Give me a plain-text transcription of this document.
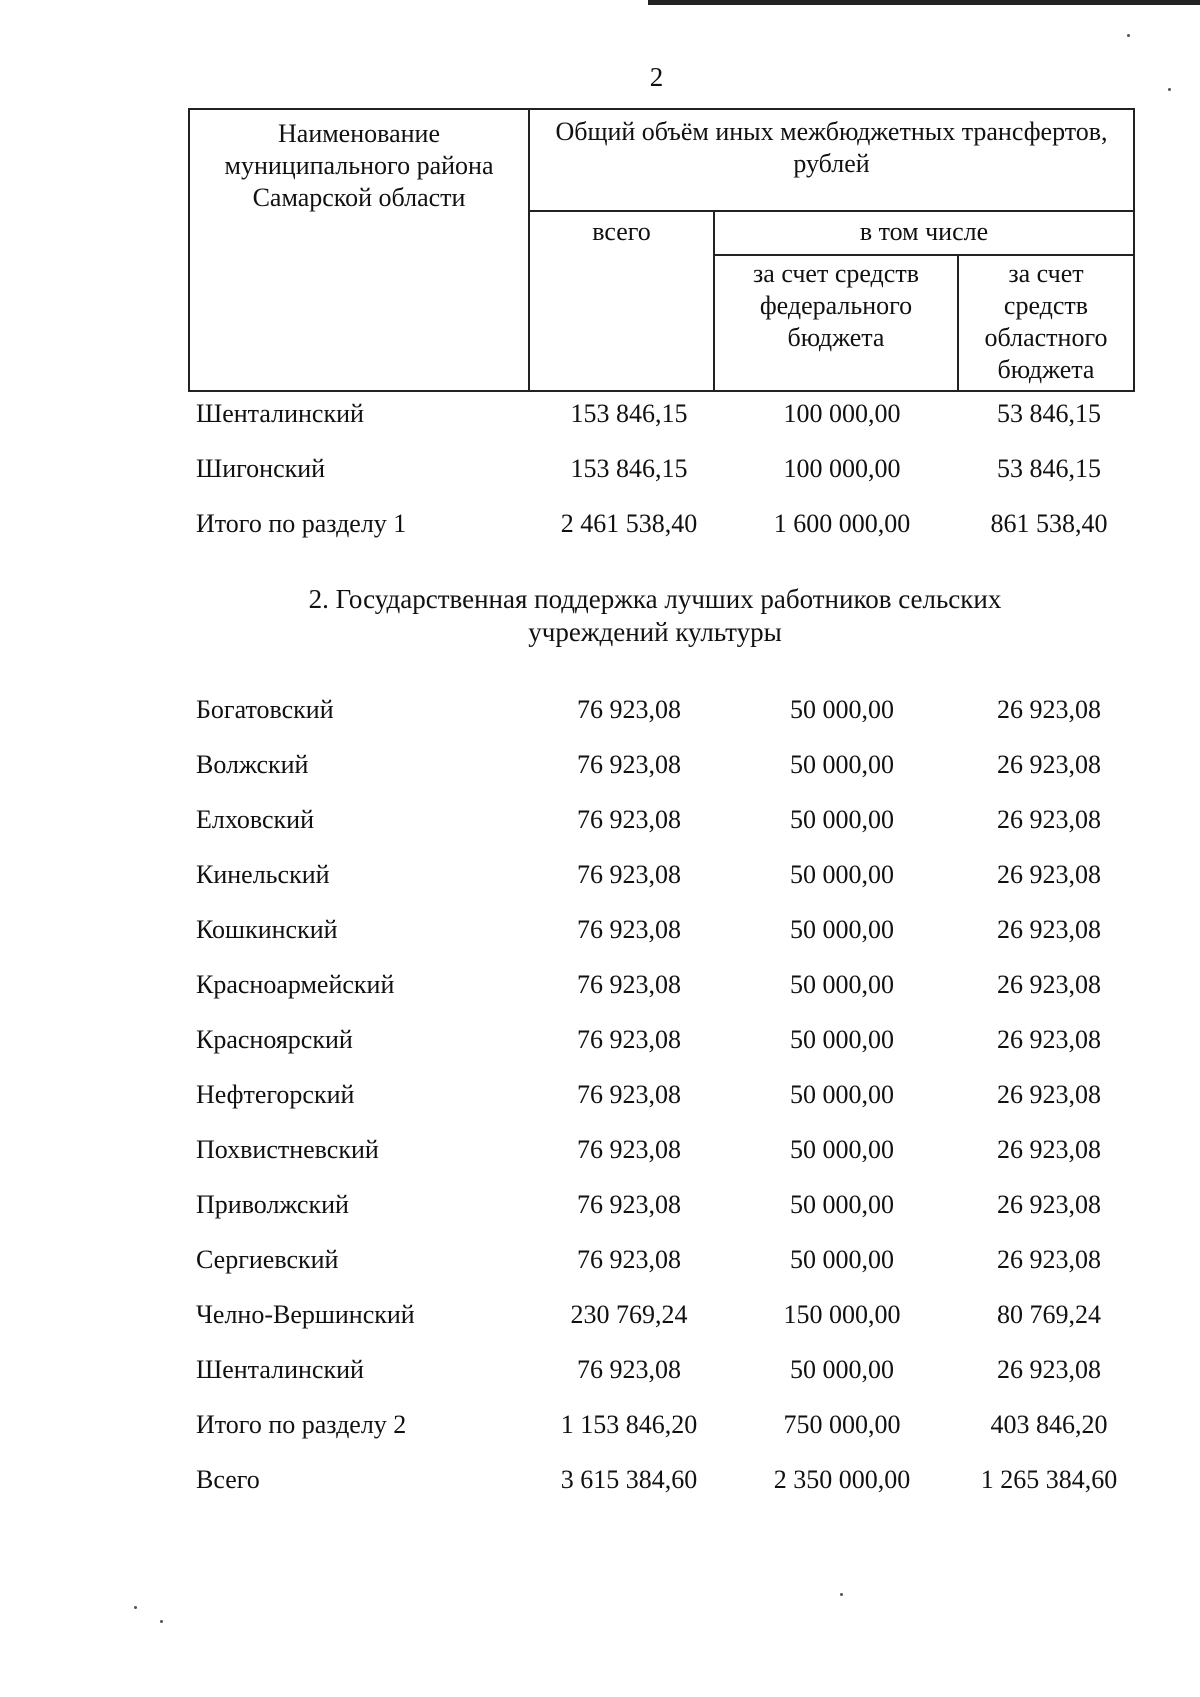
2
Наименование муниципального района Самарской области	Общий объём иных межбюджетных трансфертов, рублей		
	всего	в том числе	
		за счет средств федерального бюджета	за счет средств областного бюджета
Шенталинский	153 846,15	100 000,00	53 846,15
Шигонский	153 846,15	100 000,00	53 846,15
Итого по разделу 1	2 461 538,40	1 600 000,00	861 538,40
2. Государственная поддержка лучших работников сельских учреждений культуры
Богатовский	76 923,08	50 000,00	26 923,08
Волжский	76 923,08	50 000,00	26 923,08
Елховский	76 923,08	50 000,00	26 923,08
Кинельский	76 923,08	50 000,00	26 923,08
Кошкинский	76 923,08	50 000,00	26 923,08
Красноармейский	76 923,08	50 000,00	26 923,08
Красноярский	76 923,08	50 000,00	26 923,08
Нефтегорский	76 923,08	50 000,00	26 923,08
Похвистневский	76 923,08	50 000,00	26 923,08
Приволжский	76 923,08	50 000,00	26 923,08
Сергиевский	76 923,08	50 000,00	26 923,08
Челно-Вершинский	230 769,24	150 000,00	80 769,24
Шенталинский	76 923,08	50 000,00	26 923,08
Итого по разделу 2	1 153 846,20	750 000,00	403 846,20
Всего	3 615 384,60	2 350 000,00	1 265 384,60
